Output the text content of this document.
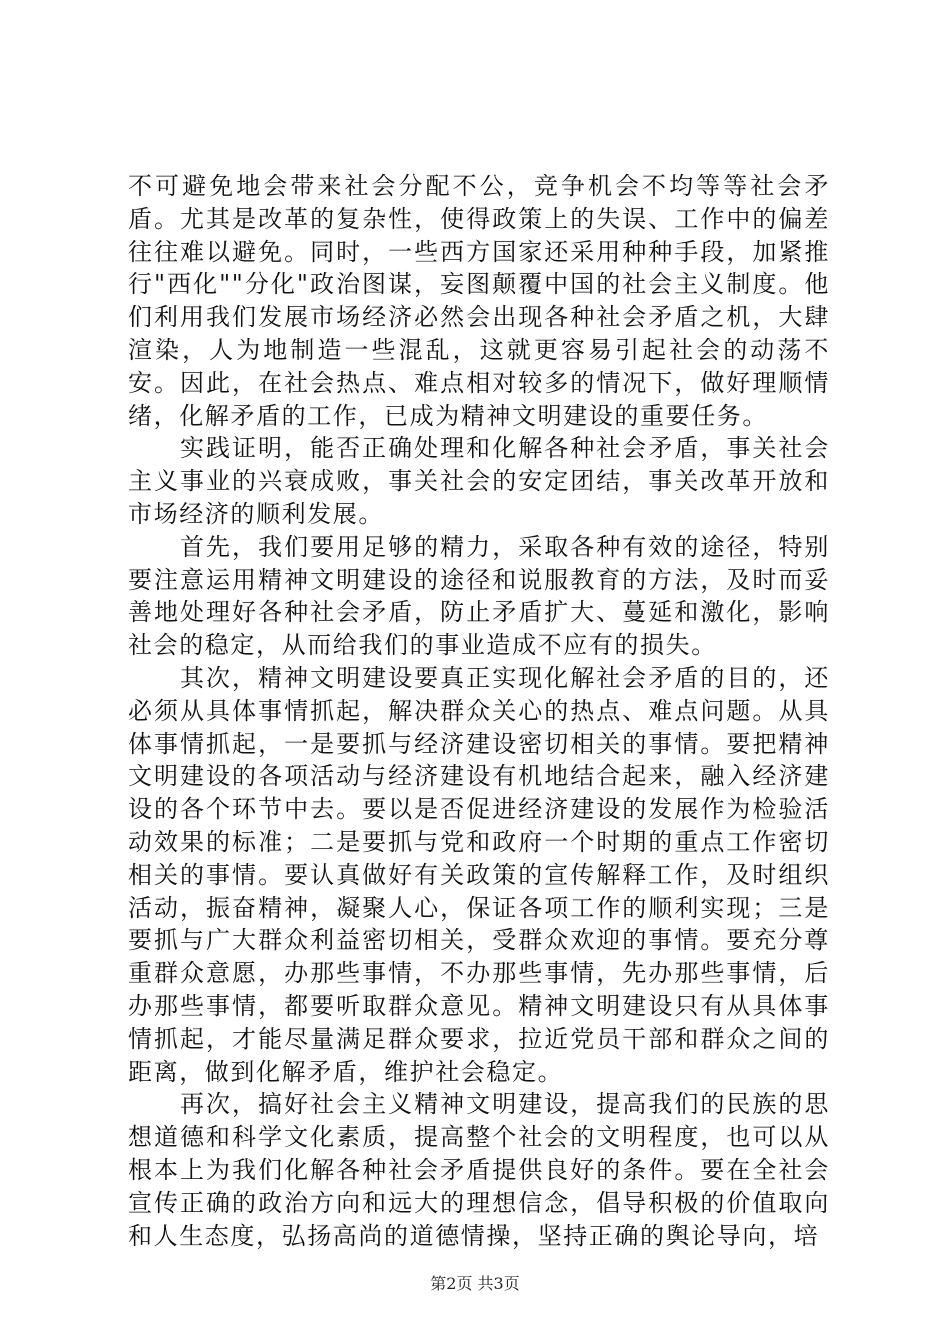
不可避免地会带来社会分配不公，竞争机会不均等等社会矛盾。尤其是改革的复杂性，使得政策上的失误、工作中的偏差往往难以避免。同时，一些西方国家还采用种种手段，加紧推行"西化""分化"政治图谋，妄图颠覆中国的社会主义制度。他们利用我们发展市场经济必然会出现各种社会矛盾之机，大肆渲染，人为地制造一些混乱，这就更容易引起社会的动荡不安。因此，在社会热点、难点相对较多的情况下，做好理顺情绪，化解矛盾的工作，已成为精神文明建设的重要任务。

实践证明，能否正确处理和化解各种社会矛盾，事关社会主义事业的兴衰成败，事关社会的安定团结，事关改革开放和市场经济的顺利发展。

首先，我们要用足够的精力，采取各种有效的途径，特别要注意运用精神文明建设的途径和说服教育的方法，及时而妥善地处理好各种社会矛盾，防止矛盾扩大、蔓延和激化，影响社会的稳定，从而给我们的事业造成不应有的损失。

其次，精神文明建设要真正实现化解社会矛盾的目的，还必须从具体事情抓起，解决群众关心的热点、难点问题。从具体事情抓起，一是要抓与经济建设密切相关的事情。要把精神文明建设的各项活动与经济建设有机地结合起来，融入经济建设的各个环节中去。要以是否促进经济建设的发展作为检验活动效果的标准；二是要抓与党和政府一个时期的重点工作密切相关的事情。要认真做好有关政策的宣传解释工作，及时组织活动，振奋精神，凝聚人心，保证各项工作的顺利实现；三是要抓与广大群众利益密切相关，受群众欢迎的事情。要充分尊重群众意愿，办那些事情，不办那些事情，先办那些事情，后办那些事情，都要听取群众意见。精神文明建设只有从具体事情抓起，才能尽量满足群众要求，拉近党员干部和群众之间的距离，做到化解矛盾，维护社会稳定。

再次，搞好社会主义精神文明建设，提高我们的民族的思想道德和科学文化素质，提高整个社会的文明程度，也可以从根本上为我们化解各种社会矛盾提供良好的条件。要在全社会宣传正确的政治方向和远大的理想信念，倡导积极的价值取向和人生态度，弘扬高尚的道德情操，坚持正确的舆论导向，培

第2页 共3页
